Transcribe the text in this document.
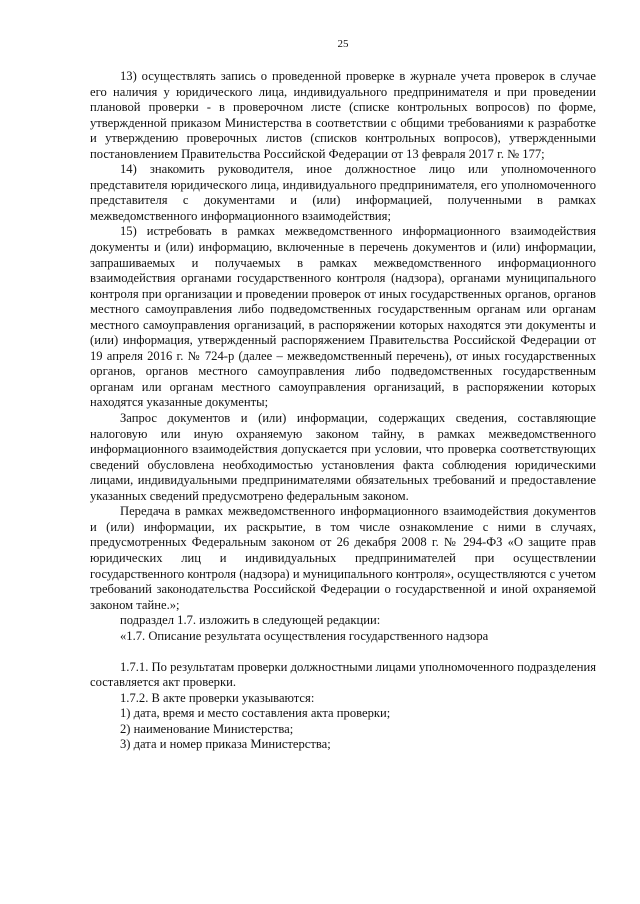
25

13) осуществлять запись о проведенной проверке в журнале учета проверок в случае его наличия у юридического лица, индивидуального предпринимателя и при проведении плановой проверки - в проверочном листе (списке контрольных вопросов) по форме, утвержденной приказом Министерства в соответствии с общими требованиями к разработке и утверждению проверочных листов (списков контрольных вопросов), утвержденными постановлением Правительства Российской Федерации от 13 февраля 2017 г. № 177;

14) знакомить руководителя, иное должностное лицо или уполномоченного представителя юридического лица, индивидуального предпринимателя, его уполномоченного представителя с документами и (или) информацией, полученными в рамках межведомственного информационного взаимодействия;

15) истребовать в рамках межведомственного информационного взаимодействия документы и (или) информацию, включенные в перечень документов и (или) информации, запрашиваемых и получаемых в рамках межведомственного информационного взаимодействия органами государственного контроля (надзора), органами муниципального контроля при организации и проведении проверок от иных государственных органов, органов местного самоуправления либо подведомственных государственным органам или органам местного самоуправления организаций, в распоряжении которых находятся эти документы и (или) информация, утвержденный распоряжением Правительства Российской Федерации от 19 апреля 2016 г. № 724-р (далее – межведомственный перечень), от иных государственных органов, органов местного самоуправления либо подведомственных государственным органам или органам местного самоуправления организаций, в распоряжении которых находятся указанные документы;

Запрос документов и (или) информации, содержащих сведения, составляющие налоговую или иную охраняемую законом тайну, в рамках межведомственного информационного взаимодействия допускается при условии, что проверка соответствующих сведений обусловлена необходимостью установления факта соблюдения юридическими лицами, индивидуальными предпринимателями обязательных требований и предоставление указанных сведений предусмотрено федеральным законом.

Передача в рамках межведомственного информационного взаимодействия документов и (или) информации, их раскрытие, в том числе ознакомление с ними в случаях, предусмотренных Федеральным законом от 26 декабря 2008 г. № 294-ФЗ «О защите прав юридических лиц и индивидуальных предпринимателей при осуществлении государственного контроля (надзора) и муниципального контроля», осуществляются с учетом требований законодательства Российской Федерации о государственной и иной охраняемой законом тайне.»;

подраздел 1.7. изложить в следующей редакции:

«1.7. Описание результата осуществления государственного надзора

1.7.1. По результатам проверки должностными лицами уполномоченного подразделения составляется акт проверки.

1.7.2. В акте проверки указываются:

1) дата, время и место составления акта проверки;

2) наименование Министерства;

3) дата и номер приказа Министерства;
